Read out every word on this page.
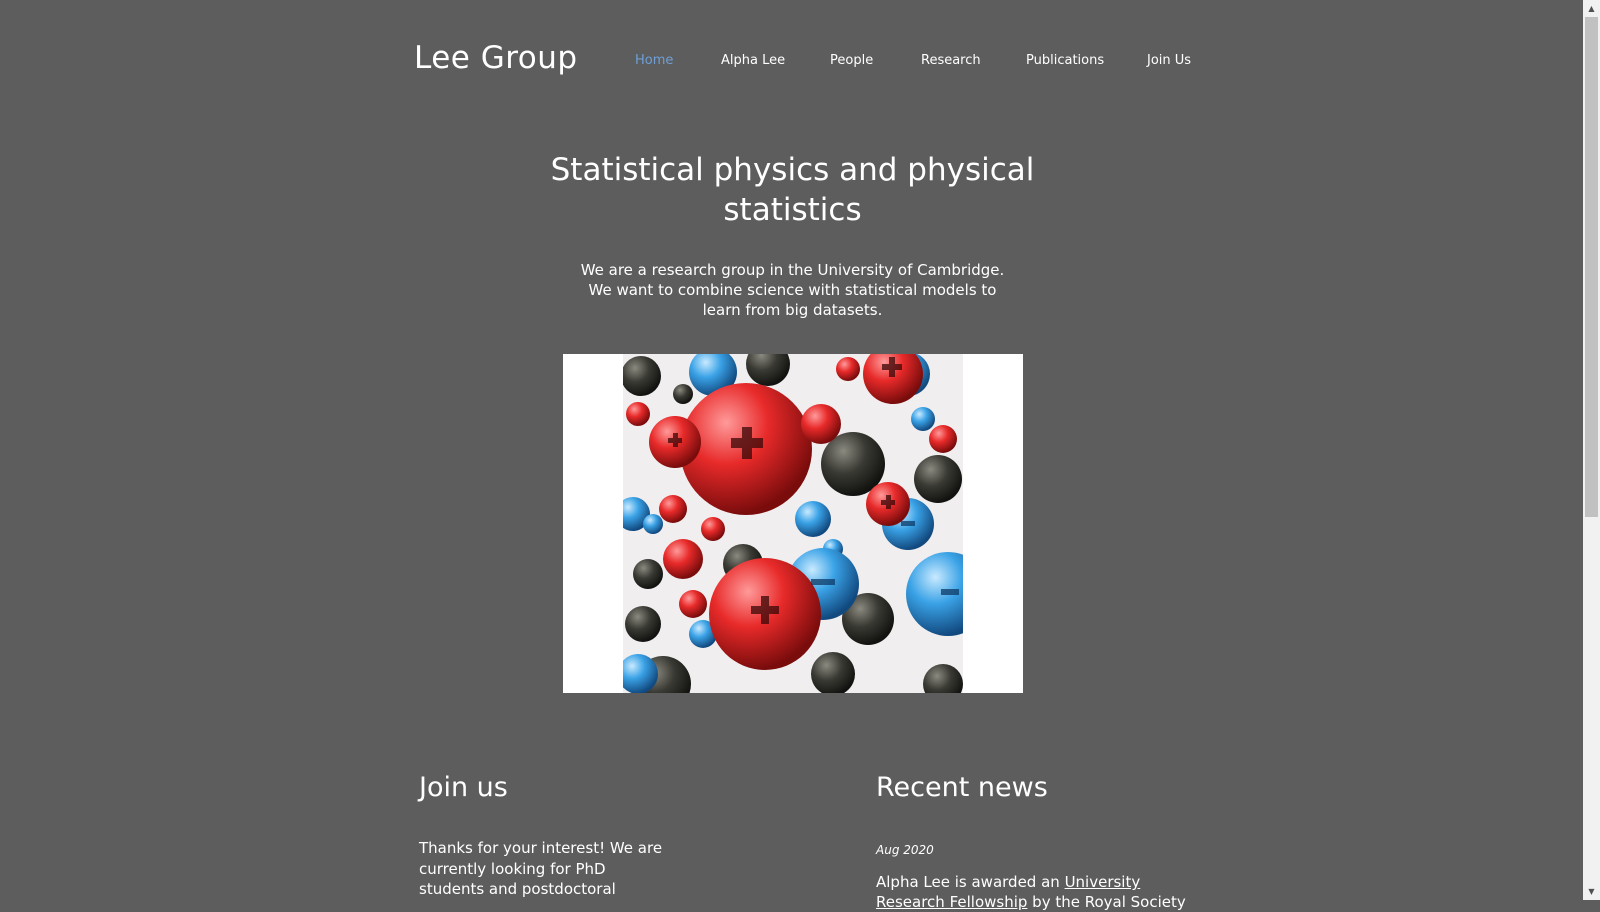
Lee Group	Home	Alpha Lee	People	Research	Publications	Join Us
Statistical physics and physical statistics

We are a research group in the University of Cambridge. We want to combine science with statistical models to learn from big datasets.

Join us

Thanks for your interest! We are currently looking for PhD students and postdoctoral

Recent news

Aug 2020

Alpha Lee is awarded an University Research Fellowship by the Royal Society

▲
▼
